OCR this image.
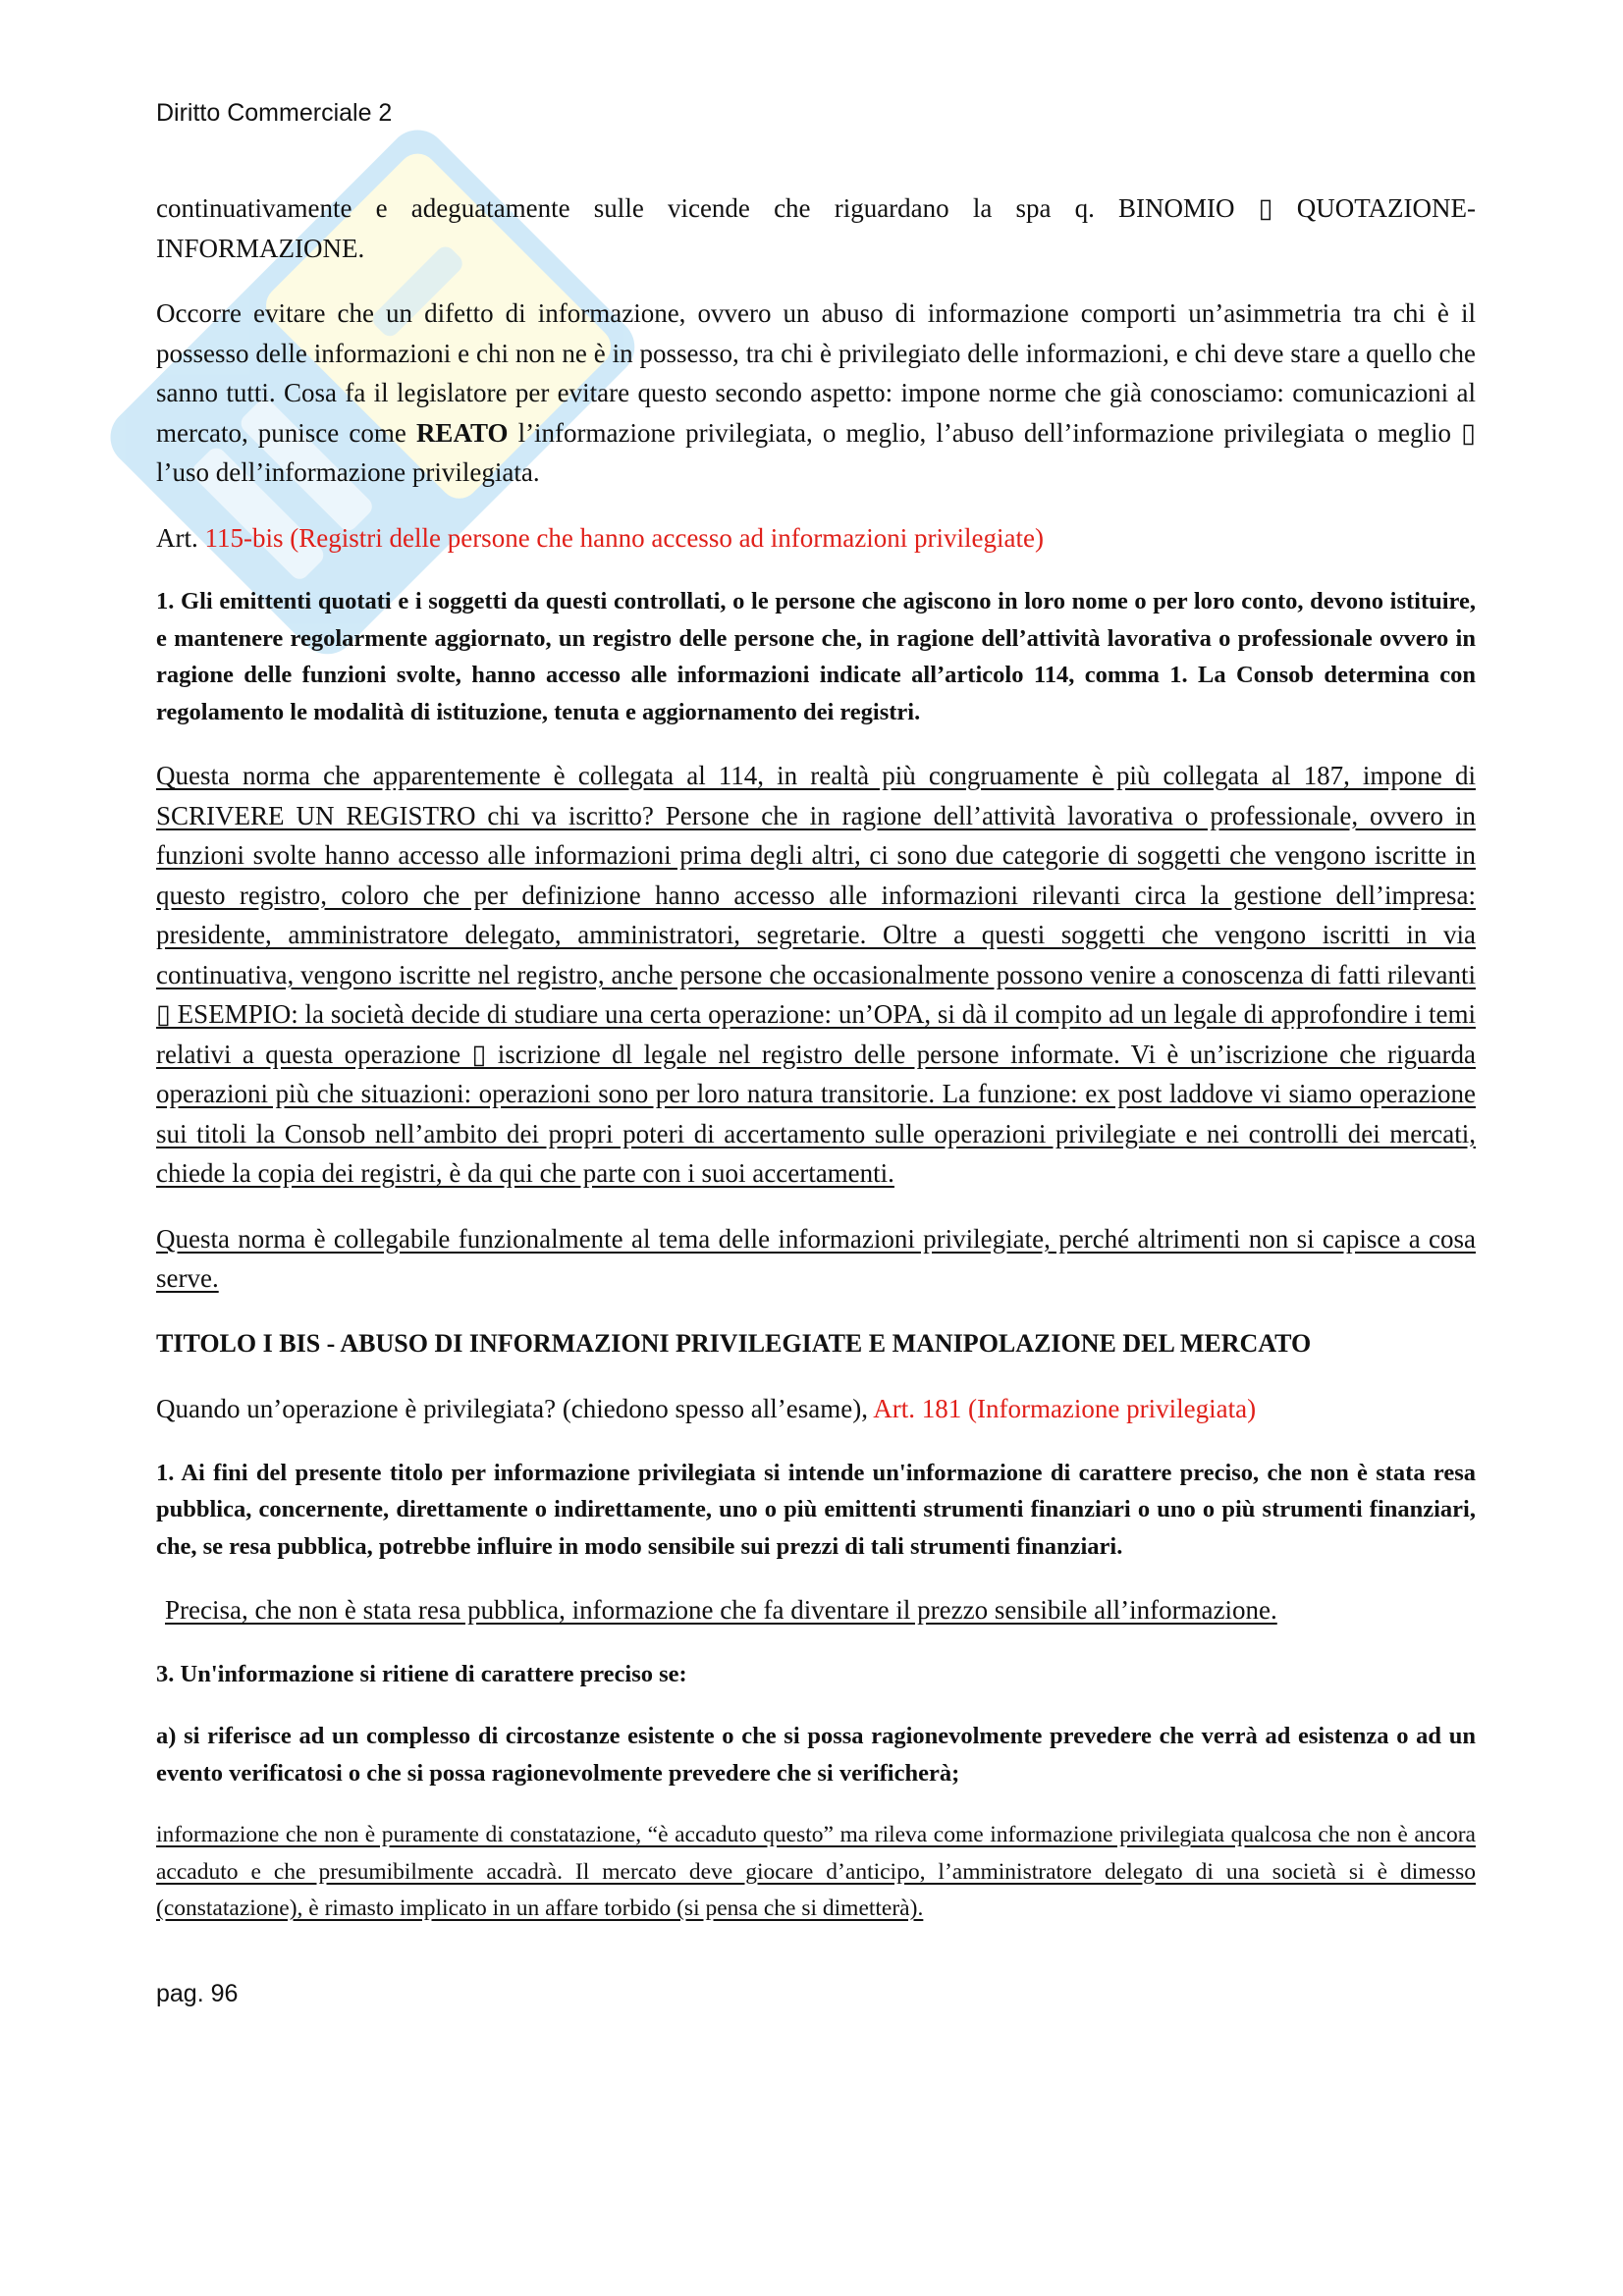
Diritto Commerciale 2
continuativamente e adeguatamente sulle vicende che riguardano la spa q. BINOMIO ▯ QUOTAZIONE-INFORMAZIONE.
Occorre evitare che un difetto di informazione, ovvero un abuso di informazione comporti un’asimmetria tra chi è il possesso delle informazioni e chi non ne è in possesso, tra chi è privilegiato delle informazioni, e chi deve stare a quello che sanno tutti. Cosa fa il legislatore per evitare questo secondo aspetto: impone norme che già conosciamo: comunicazioni al mercato, punisce come REATO l’informazione privilegiata, o meglio, l’abuso dell’informazione privilegiata o meglio ▯ l’uso dell’informazione privilegiata.
Art. 115-bis (Registri delle persone che hanno accesso ad informazioni privilegiate)
1. Gli emittenti quotati e i soggetti da questi controllati, o le persone che agiscono in loro nome o per loro conto, devono istituire, e mantenere regolarmente aggiornato, un registro delle persone che, in ragione dell’attività lavorativa o professionale ovvero in ragione delle funzioni svolte, hanno accesso alle informazioni indicate all’articolo 114, comma 1. La Consob determina con regolamento le modalità di istituzione, tenuta e aggiornamento dei registri.
Questa norma che apparentemente è collegata al 114, in realtà più congruamente è più collegata al 187, impone di SCRIVERE UN REGISTRO chi va iscritto? Persone che in ragione dell’attività lavorativa o professionale, ovvero in funzioni svolte hanno accesso alle informazioni prima degli altri, ci sono due categorie di soggetti che vengono iscritte in questo registro, coloro che per definizione hanno accesso alle informazioni rilevanti circa la gestione dell’impresa: presidente, amministratore delegato, amministratori, segretarie. Oltre a questi soggetti che vengono iscritti in via continuativa, vengono iscritte nel registro, anche persone che occasionalmente possono venire a conoscenza di fatti rilevanti ▯ ESEMPIO: la società decide di studiare una certa operazione: un’OPA, si dà il compito ad un legale di approfondire i temi relativi a questa operazione ▯ iscrizione dl legale nel registro delle persone informate. Vi è un’iscrizione che riguarda operazioni più che situazioni: operazioni sono per loro natura transitorie. La funzione: ex post laddove vi siamo operazione sui titoli la Consob nell’ambito dei propri poteri di accertamento sulle operazioni privilegiate e nei controlli dei mercati, chiede la copia dei registri, è da qui che parte con i suoi accertamenti.
Questa norma è collegabile funzionalmente al tema delle informazioni privilegiate, perché altrimenti non si capisce a cosa serve.
TITOLO I BIS - ABUSO DI INFORMAZIONI PRIVILEGIATE E MANIPOLAZIONE DEL MERCATO
Quando un’operazione è privilegiata? (chiedono spesso all’esame), Art. 181 (Informazione privilegiata)
1. Ai fini del presente titolo per informazione privilegiata si intende un'informazione di carattere preciso, che non è stata resa pubblica, concernente, direttamente o indirettamente, uno o più emittenti strumenti finanziari o uno o più strumenti finanziari, che, se resa pubblica, potrebbe influire in modo sensibile sui prezzi di tali strumenti finanziari.
Precisa, che non è stata resa pubblica, informazione che fa diventare il prezzo sensibile all’informazione.
3. Un'informazione si ritiene di carattere preciso se:
a) si riferisce ad un complesso di circostanze esistente o che si possa ragionevolmente prevedere che verrà ad esistenza o ad un evento verificatosi o che si possa ragionevolmente prevedere che si verificherà;
informazione che non è puramente di constatazione, “è accaduto questo” ma rileva come informazione privilegiata qualcosa che non è ancora accaduto e che presumibilmente accadrà. Il mercato deve giocare d’anticipo, l’amministratore delegato di una società si è dimesso (constatazione), è rimasto implicato in un affare torbido (si pensa che si dimetterà).
pag. 96
